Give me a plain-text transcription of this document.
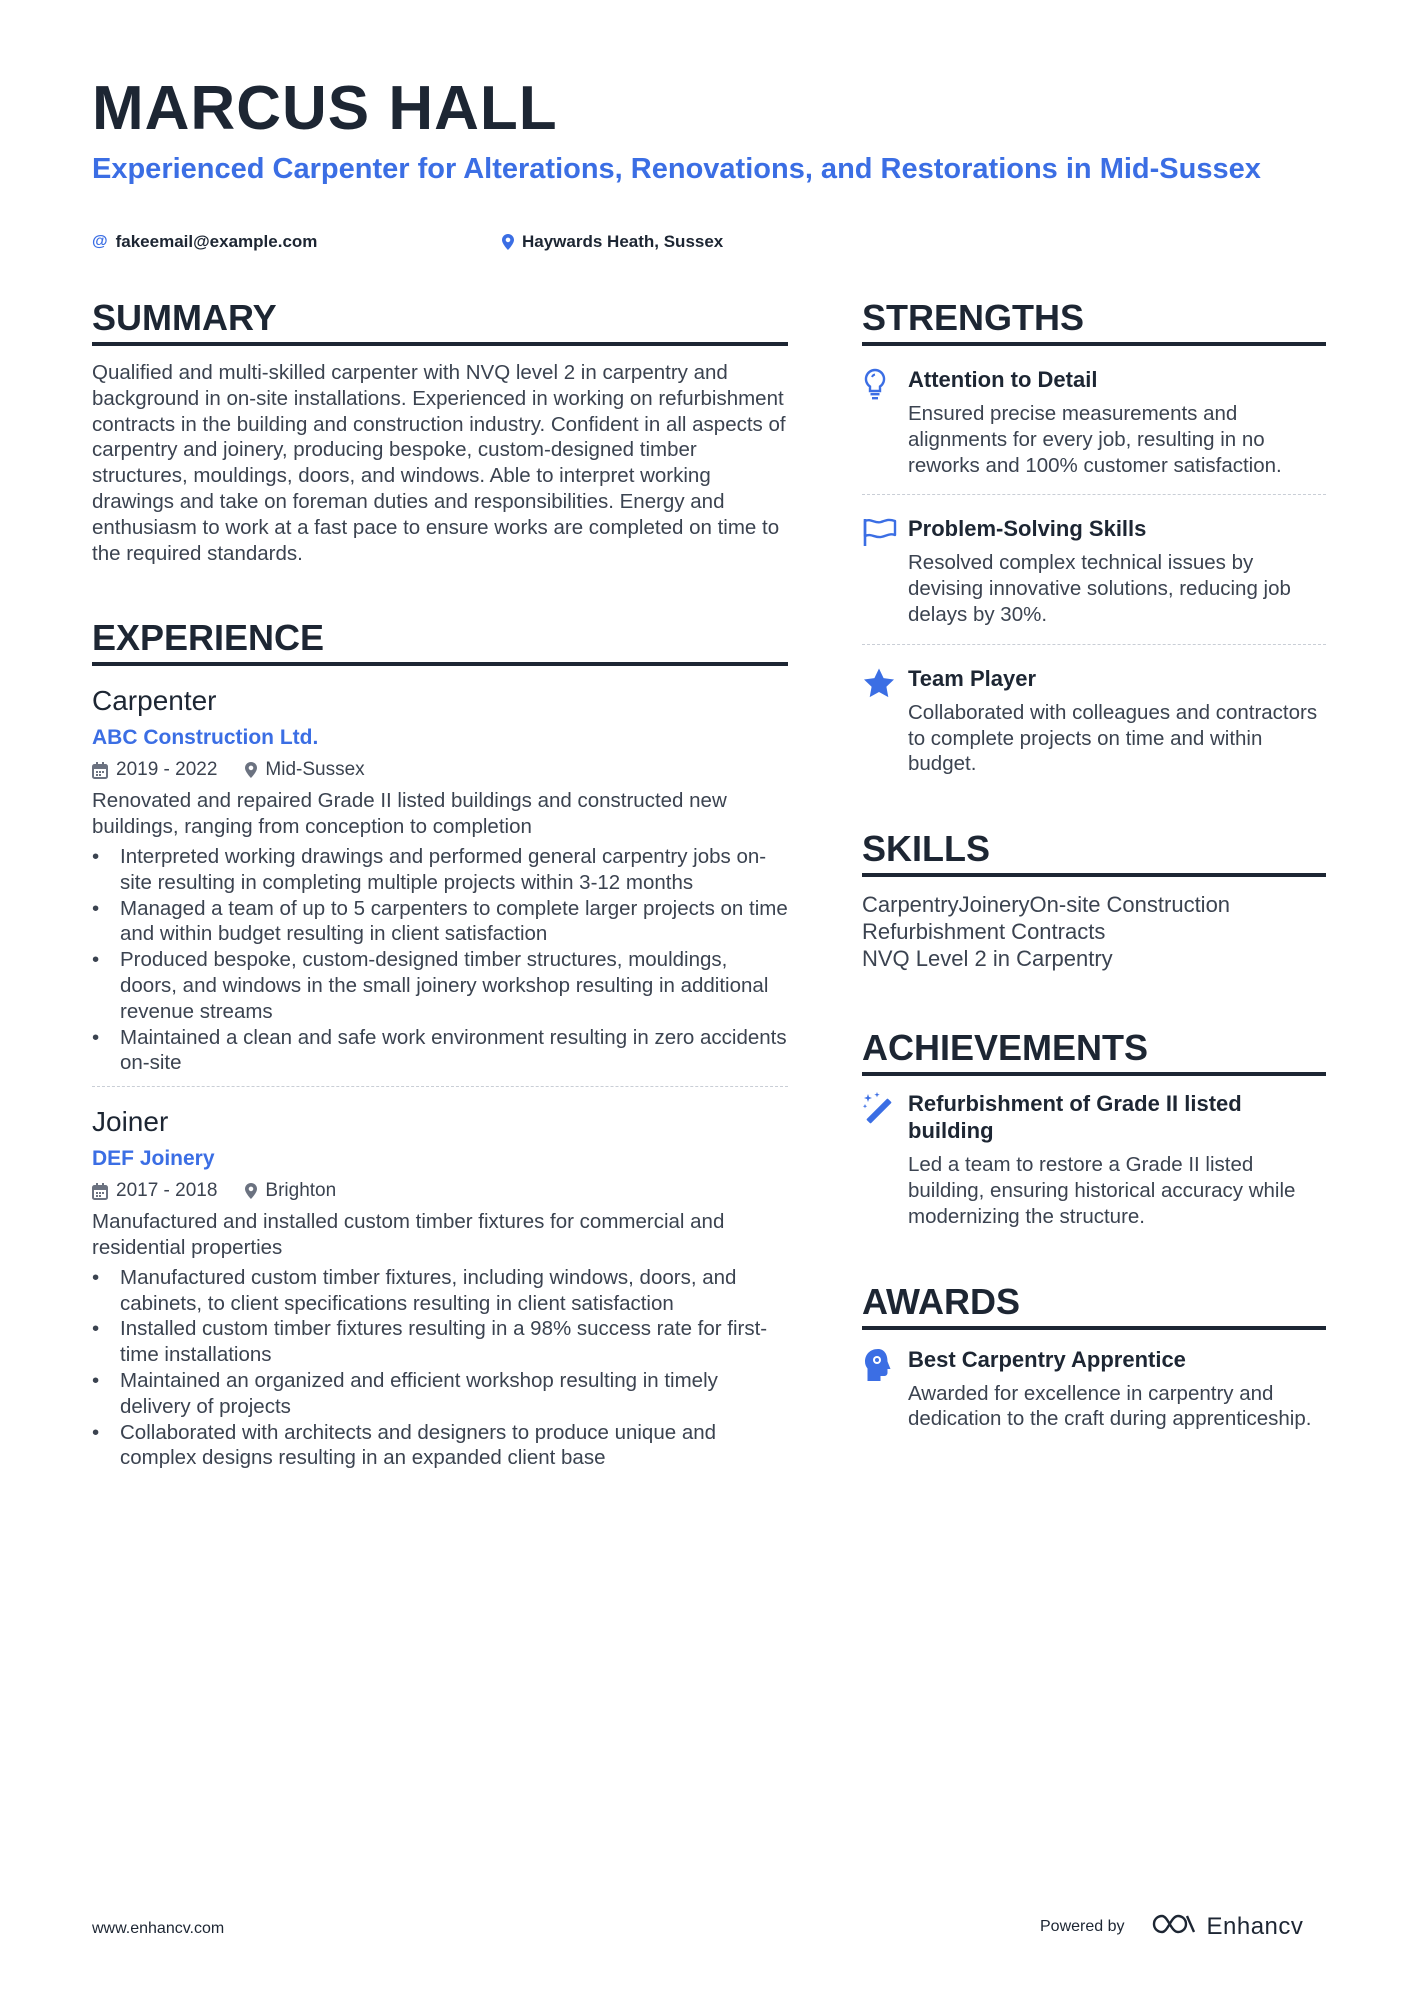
MARCUS HALL
Experienced Carpenter for Alterations, Renovations, and Restorations in Mid-Sussex
@ fakeemail@example.com	Haywards Heath, Sussex
SUMMARY
Qualified and multi-skilled carpenter with NVQ level 2 in carpentry and background in on-site installations. Experienced in working on refurbishment contracts in the building and construction industry. Confident in all aspects of carpentry and joinery, producing bespoke, custom-designed timber structures, mouldings, doors, and windows. Able to interpret working drawings and take on foreman duties and responsibilities. Energy and enthusiasm to work at a fast pace to ensure works are completed on time to the required standards.
EXPERIENCE
Carpenter
ABC Construction Ltd.
2019 - 2022	Mid-Sussex
Renovated and repaired Grade II listed buildings and constructed new buildings, ranging from conception to completion
• Interpreted working drawings and performed general carpentry jobs on-site resulting in completing multiple projects within 3-12 months
• Managed a team of up to 5 carpenters to complete larger projects on time and within budget resulting in client satisfaction
• Produced bespoke, custom-designed timber structures, mouldings, doors, and windows in the small joinery workshop resulting in additional revenue streams
• Maintained a clean and safe work environment resulting in zero accidents on-site
Joiner
DEF Joinery
2017 - 2018	Brighton
Manufactured and installed custom timber fixtures for commercial and residential properties
• Manufactured custom timber fixtures, including windows, doors, and cabinets, to client specifications resulting in client satisfaction
• Installed custom timber fixtures resulting in a 98% success rate for first-time installations
• Maintained an organized and efficient workshop resulting in timely delivery of projects
• Collaborated with architects and designers to produce unique and complex designs resulting in an expanded client base
STRENGTHS
Attention to Detail
Ensured precise measurements and alignments for every job, resulting in no reworks and 100% customer satisfaction.
Problem-Solving Skills
Resolved complex technical issues by devising innovative solutions, reducing job delays by 30%.
Team Player
Collaborated with colleagues and contractors to complete projects on time and within budget.
SKILLS
CarpentryJoineryOn-site Construction
Refurbishment Contracts
NVQ Level 2 in Carpentry
ACHIEVEMENTS
Refurbishment of Grade II listed building
Led a team to restore a Grade II listed building, ensuring historical accuracy while modernizing the structure.
AWARDS
Best Carpentry Apprentice
Awarded for excellence in carpentry and dedication to the craft during apprenticeship.
www.enhancv.com	Powered by	Enhancv
